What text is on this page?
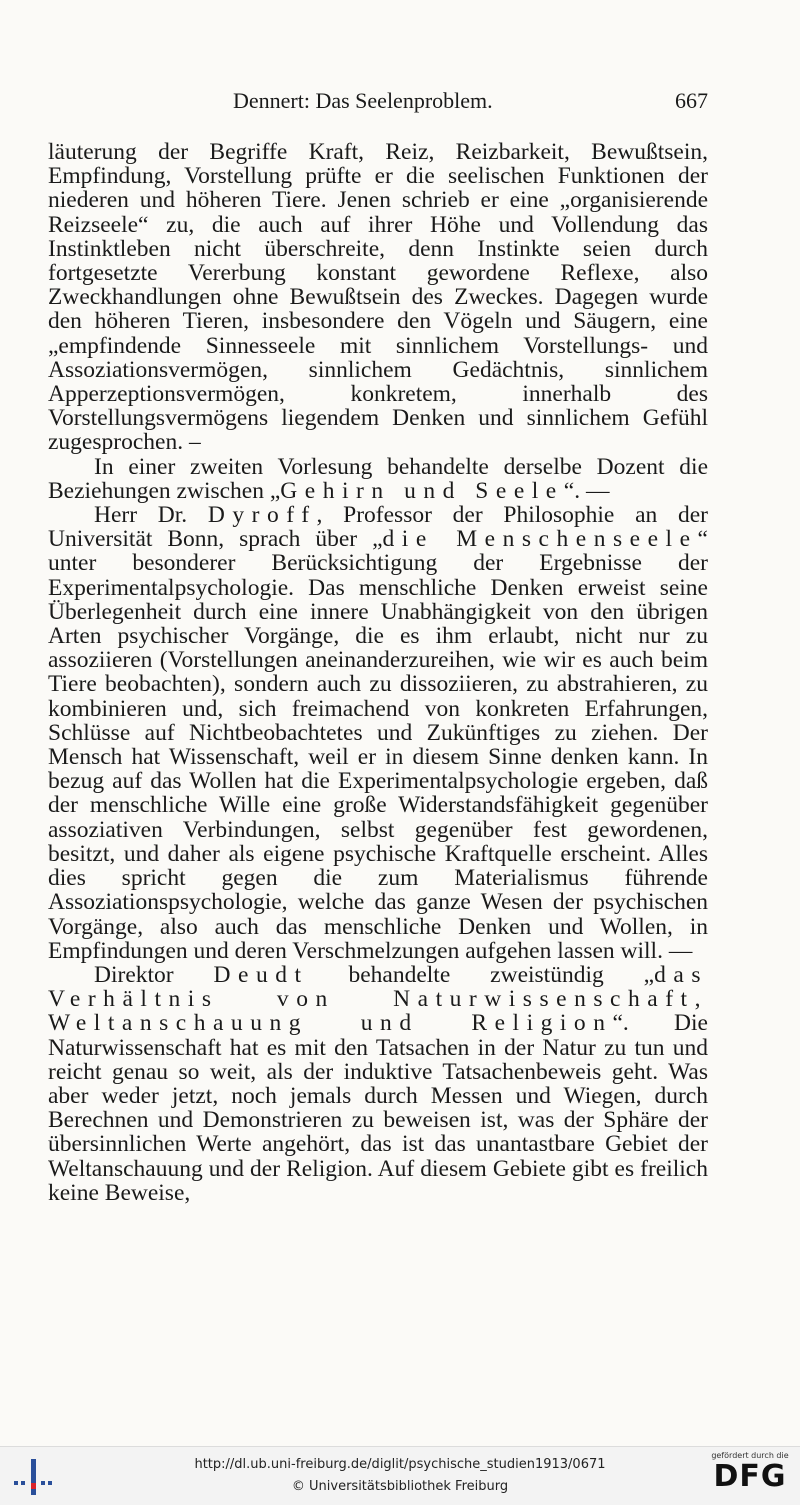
Dennert: Das Seelenproblem.	667

läuterung der Begriffe Kraft, Reiz, Reizbarkeit, Bewußtsein, Empfindung, Vorstellung prüfte er die seelischen Funktionen der niederen und höheren Tiere. Jenen schrieb er eine „organisierende Reizseele“ zu, die auch auf ihrer Höhe und Vollendung das Instinktleben nicht überschreite, denn Instinkte seien durch fortgesetzte Vererbung konstant gewordene Reflexe, also Zweckhandlungen ohne Bewußtsein des Zweckes. Dagegen wurde den höheren Tieren, insbesondere den Vögeln und Säugern, eine „empfindende Sinnesseele mit sinnlichem Vorstellungs- und Assoziationsvermögen, sinnlichem Gedächtnis, sinnlichem Apperzeptionsvermögen, konkretem, innerhalb des Vorstellungsvermögens liegendem Denken und sinnlichem Gefühl zugesprochen. –

In einer zweiten Vorlesung behandelte derselbe Dozent die Beziehungen zwischen „Gehirn und Seele“. —

Herr Dr. Dyroff, Professor der Philosophie an der Universität Bonn, sprach über „die Menschenseele“ unter besonderer Berücksichtigung der Ergebnisse der Experimentalpsychologie. Das menschliche Denken erweist seine Überlegenheit durch eine innere Unabhängigkeit von den übrigen Arten psychischer Vorgänge, die es ihm erlaubt, nicht nur zu assoziieren (Vorstellungen aneinanderzureihen, wie wir es auch beim Tiere beobachten), sondern auch zu dissoziieren, zu abstrahieren, zu kombinieren und, sich freimachend von konkreten Erfahrungen, Schlüsse auf Nichtbeobachtetes und Zukünftiges zu ziehen. Der Mensch hat Wissenschaft, weil er in diesem Sinne denken kann. In bezug auf das Wollen hat die Experimentalpsychologie ergeben, daß der menschliche Wille eine große Widerstandsfähigkeit gegenüber assoziativen Verbindungen, selbst gegenüber fest gewordenen, besitzt, und daher als eigene psychische Kraftquelle erscheint. Alles dies spricht gegen die zum Materialismus führende Assoziationspsychologie, welche das ganze Wesen der psychischen Vorgänge, also auch das menschliche Denken und Wollen, in Empfindungen und deren Verschmelzungen aufgehen lassen will. —

Direktor Deudt behandelte zweistündig „das Verhältnis von Naturwissenschaft, Weltanschauung und Religion“. Die Naturwissenschaft hat es mit den Tatsachen in der Natur zu tun und reicht genau so weit, als der induktive Tatsachenbeweis geht. Was aber weder jetzt, noch jemals durch Messen und Wiegen, durch Berechnen und Demonstrieren zu beweisen ist, was der Sphäre der übersinnlichen Werte angehört, das ist das unantastbare Gebiet der Weltanschauung und der Religion. Auf diesem Gebiete gibt es freilich keine Beweise,

http://dl.ub.uni-freiburg.de/diglit/psychische_studien1913/0671
© Universitätsbibliothek Freiburg
gefördert durch die
DFG
